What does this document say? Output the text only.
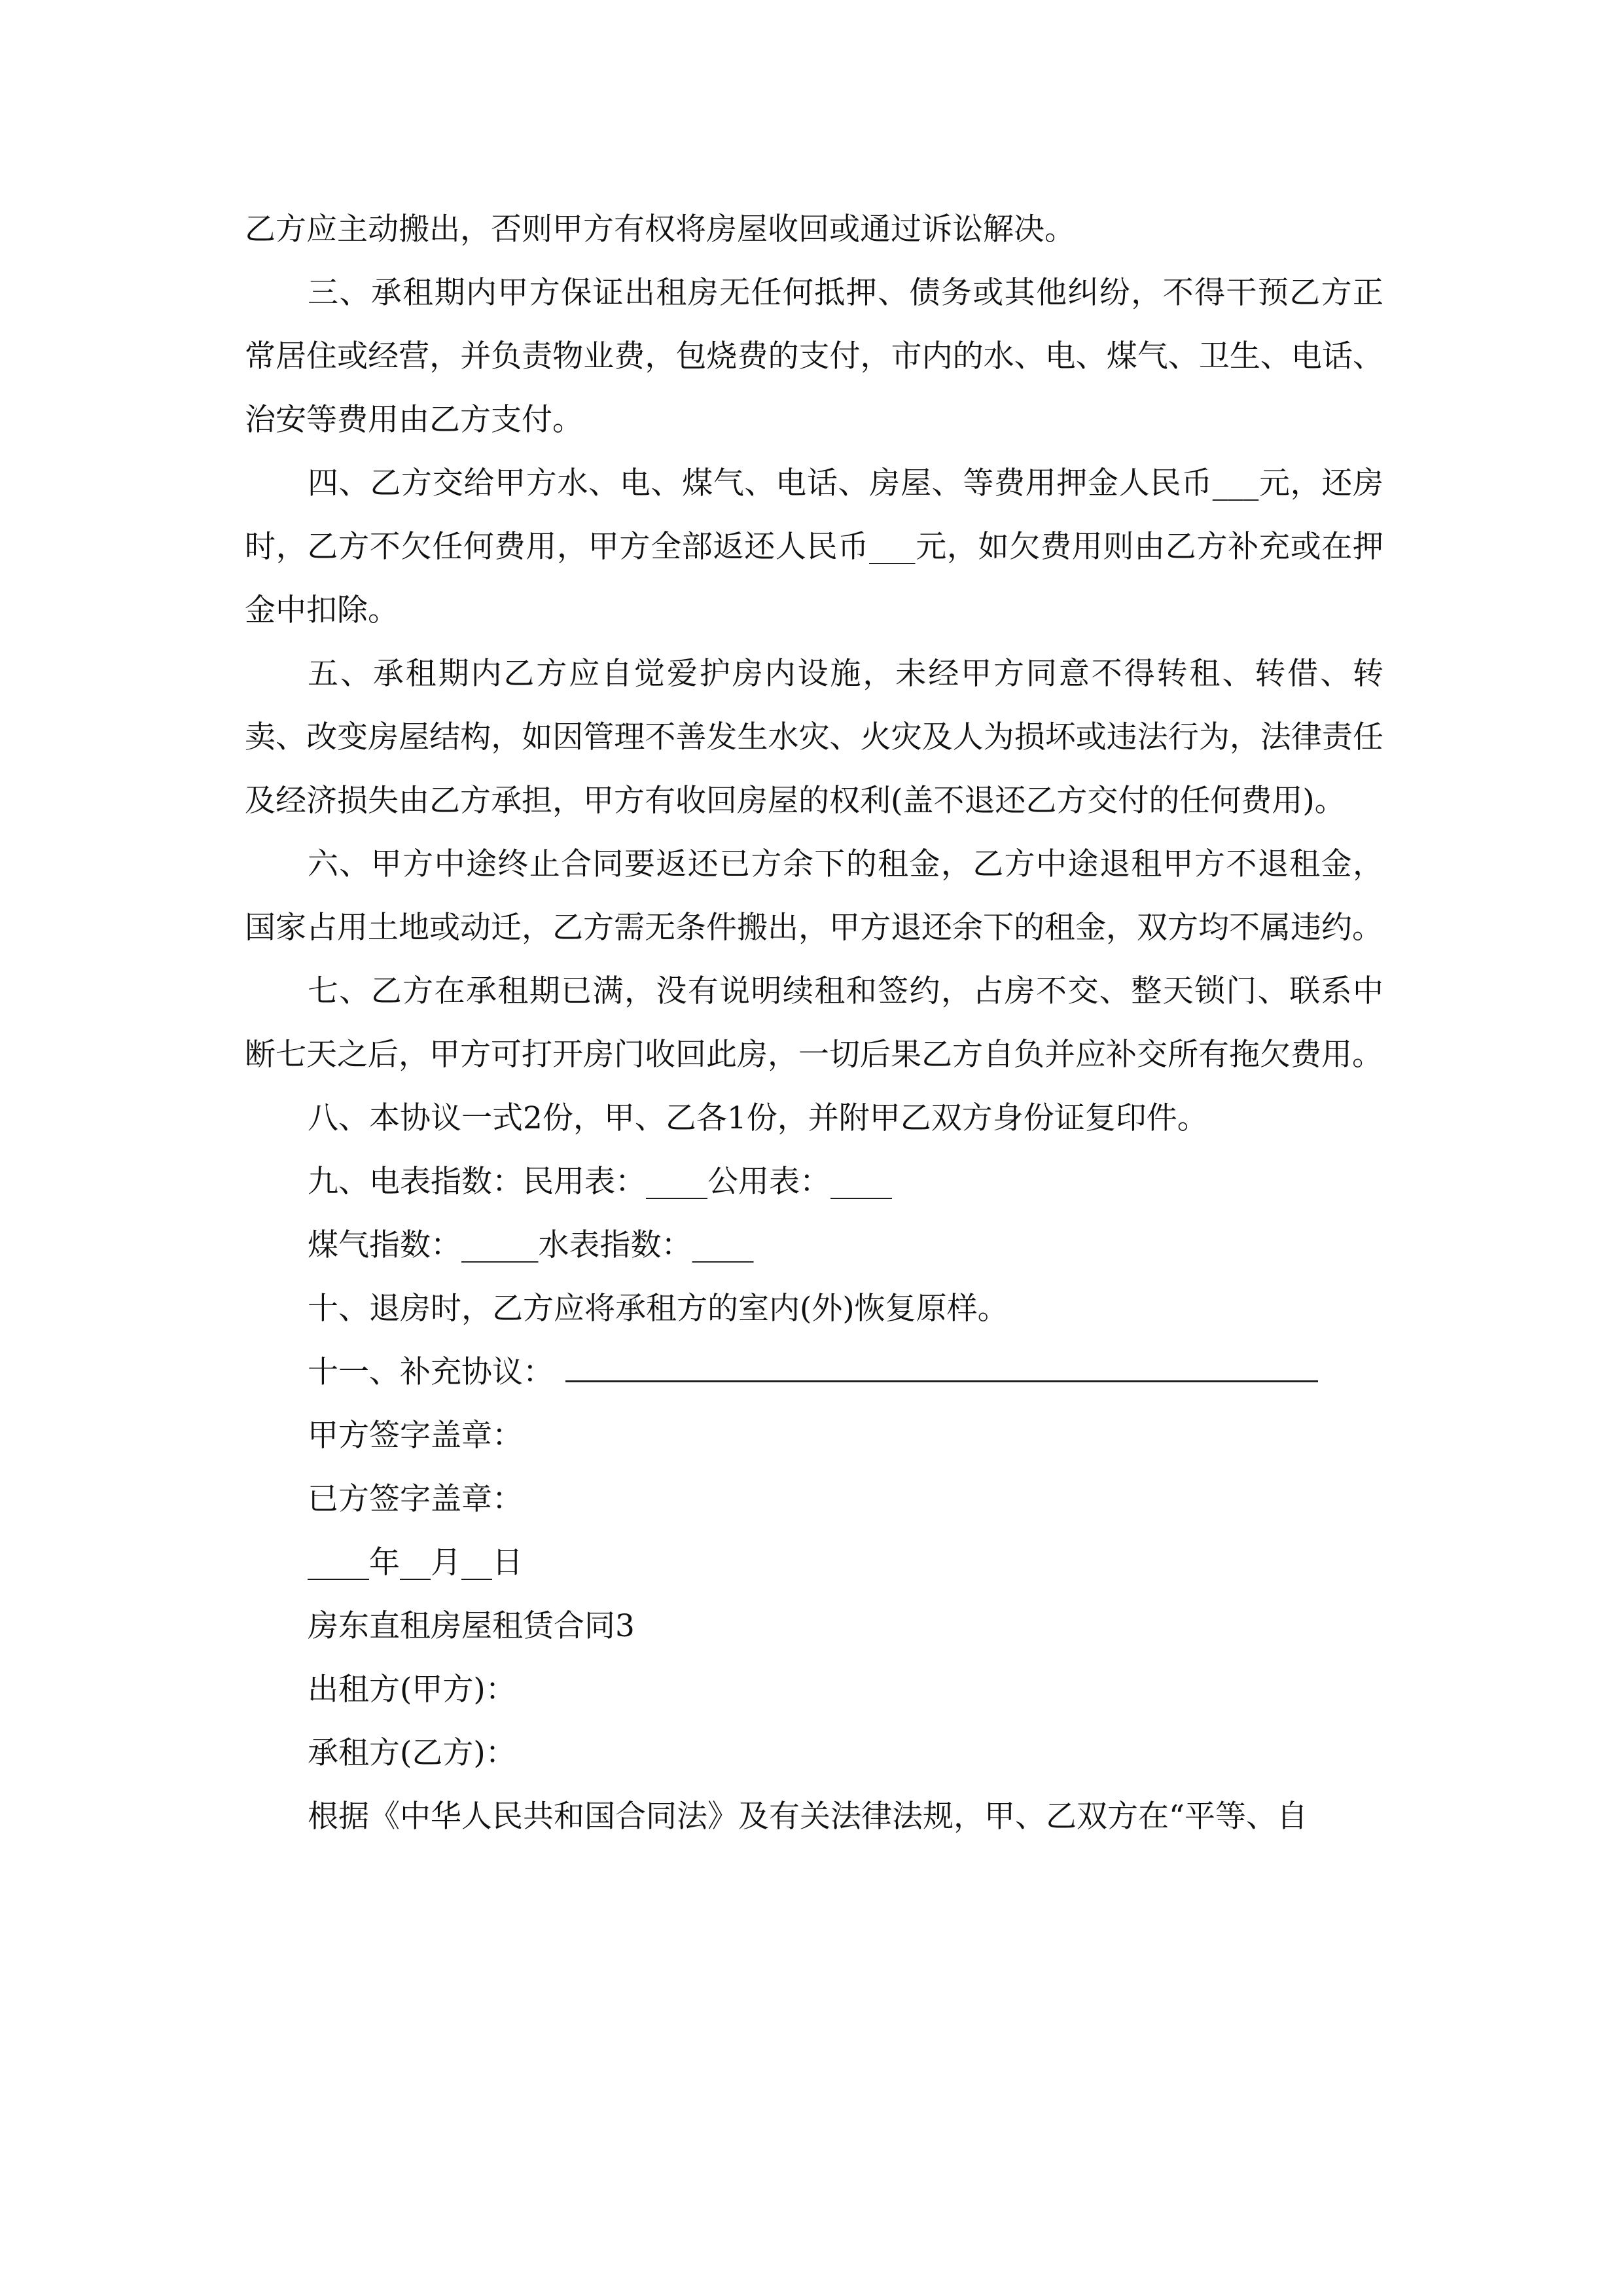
乙方应主动搬出，否则甲方有权将房屋收回或通过诉讼解决。

三、承租期内甲方保证出租房无任何抵押、债务或其他纠纷，不得干预乙方正常居住或经营，并负责物业费，包烧费的支付，市内的水、电、煤气、卫生、电话、治安等费用由乙方支付。

四、乙方交给甲方水、电、煤气、电话、房屋、等费用押金人民币___元，还房时，乙方不欠任何费用，甲方全部返还人民币___元，如欠费用则由乙方补充或在押金中扣除。

五、承租期内乙方应自觉爱护房内设施，未经甲方同意不得转租、转借、转卖、改变房屋结构，如因管理不善发生水灾、火灾及人为损坏或违法行为，法律责任及经济损失由乙方承担，甲方有收回房屋的权利(盖不退还乙方交付的任何费用)。

六、甲方中途终止合同要返还已方余下的租金，乙方中途退租甲方不退租金，国家占用土地或动迁，乙方需无条件搬出，甲方退还余下的租金，双方均不属违约。

七、乙方在承租期已满，没有说明续租和签约，占房不交、整天锁门、联系中断七天之后，甲方可打开房门收回此房，一切后果乙方自负并应补交所有拖欠费用。

八、本协议一式2份，甲、乙各1份，并附甲乙双方身份证复印件。
九、电表指数：民用表：____公用表：____
煤气指数：_____水表指数：____
十、退房时，乙方应将承租方的室内(外)恢复原样。
十一、补充协议：
甲方签字盖章：
已方签字盖章：
____年__月__日
房东直租房屋租赁合同3
出租方(甲方)：
承租方(乙方)：
根据《中华人民共和国合同法》及有关法律法规，甲、乙双方在“平等、自
